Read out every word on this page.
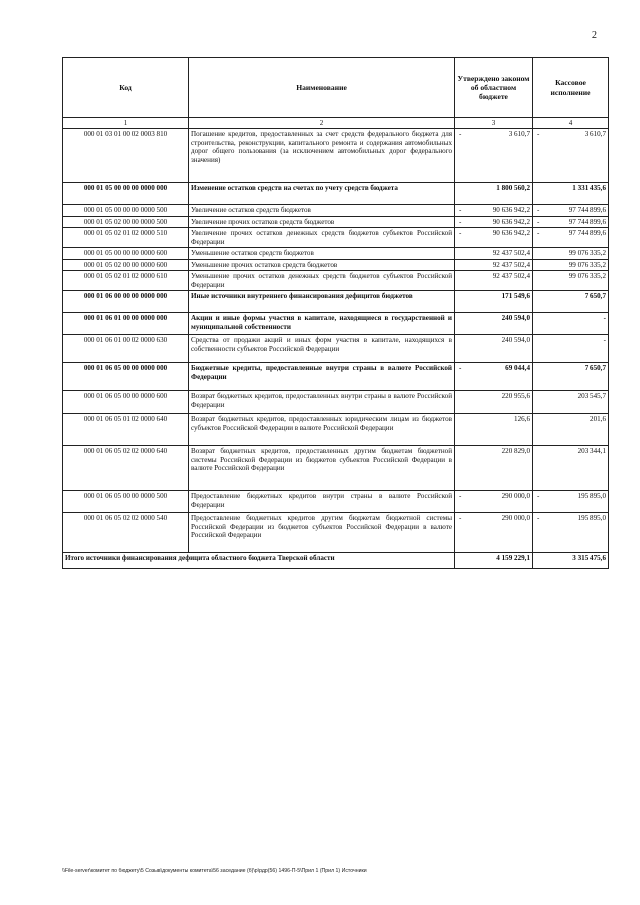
2
Код	Наименование	Утверждено законом об областном бюджете	Кассовое исполнение
1	2	3	4
000 01 03 01 00 02 0003 810	Погашение кредитов, предоставленных за счет средств федерального бюджета для строительства, реконструкции, капитального ремонта и содержания автомобильных дорог общего пользования (за исключением автомобильных дорог федерального значения)	- 3 610,7	- 3 610,7

000 01 05 00 00 00 0000 000	Изменение остатков средств на счетах по учету средств бюджета	1 800 560,2	1 331 435,6

000 01 05 00 00 00 0000 500	Увеличение остатков средств бюджетов	- 90 636 942,2	- 97 744 899,6

000 01 05 02 00 00 0000 500	Увеличение прочих остатков средств бюджетов	- 90 636 942,2	- 97 744 899,6

000 01 05 02 01 02 0000 510	Увеличение прочих остатков денежных средств бюджетов субъектов Российской Федерации	- 90 636 942,2	- 97 744 899,6

000 01 05 00 00 00 0000 600	Уменьшение остатков средств бюджетов	92 437 502,4	99 076 335,2

000 01 05 02 00 00 0000 600	Уменьшение прочих остатков средств бюджетов	92 437 502,4	99 076 335,2

000 01 05 02 01 02 0000 610	Уменьшение прочих остатков денежных средств бюджетов субъектов Российской Федерации	92 437 502,4	99 076 335,2

000 01 06 00 00 00 0000 000	Иные источники внутреннего финансирования дефицитов бюджетов	171 549,6	7 650,7

000 01 06 01 00 00 0000 000	Акции и иные формы участия в капитале, находящиеся в государственной и муниципальной собственности	240 594,0	-

000 01 06 01 00 02 0000 630	Средства от продажи акций и иных форм участия в капитале, находящихся в собственности субъектов Российской Федерации	240 594,0	-

000 01 06 05 00 00 0000 000	Бюджетные кредиты, предоставленные внутри страны в валюте Российской Федерации	- 69 044,4	7 650,7

000 01 06 05 00 00 0000 600	Возврат бюджетных кредитов, предоставленных внутри страны в валюте Российской Федерации	220 955,6	203 545,7

000 01 06 05 01 02 0000 640	Возврат бюджетных кредитов, предоставленных юридическим лицам из бюджетов субъектов Российской Федерации в валюте Российской Федерации	126,6	201,6

000 01 06 05 02 02 0000 640	Возврат бюджетных кредитов, предоставленных другим бюджетам бюджетной системы Российской Федерации из бюджетов субъектов Российской Федерации в валюте Российской Федерации	220 829,0	203 344,1

000 01 06 05 00 00 0000 500	Предоставление бюджетных кредитов внутри страны в валюте Российской Федерации	- 290 000,0	- 195 895,0

000 01 06 05 02 02 0000 540	Предоставление бюджетных кредитов другим бюджетам бюджетной системы Российской Федерации из бюджетов субъектов Российской Федерации в валюте Российской Федерации	- 290 000,0	- 195 895,0

Итого источники финансирования дефицита областного бюджета Тверской области		4 159 229,1	3 315 475,6
\\File-server\комитет по бюджету\5 Созыв\документы комитета\56 заседание (б)\р\рдр(56) 1496-П-5\Прил 1 (Прил 1) Источники
